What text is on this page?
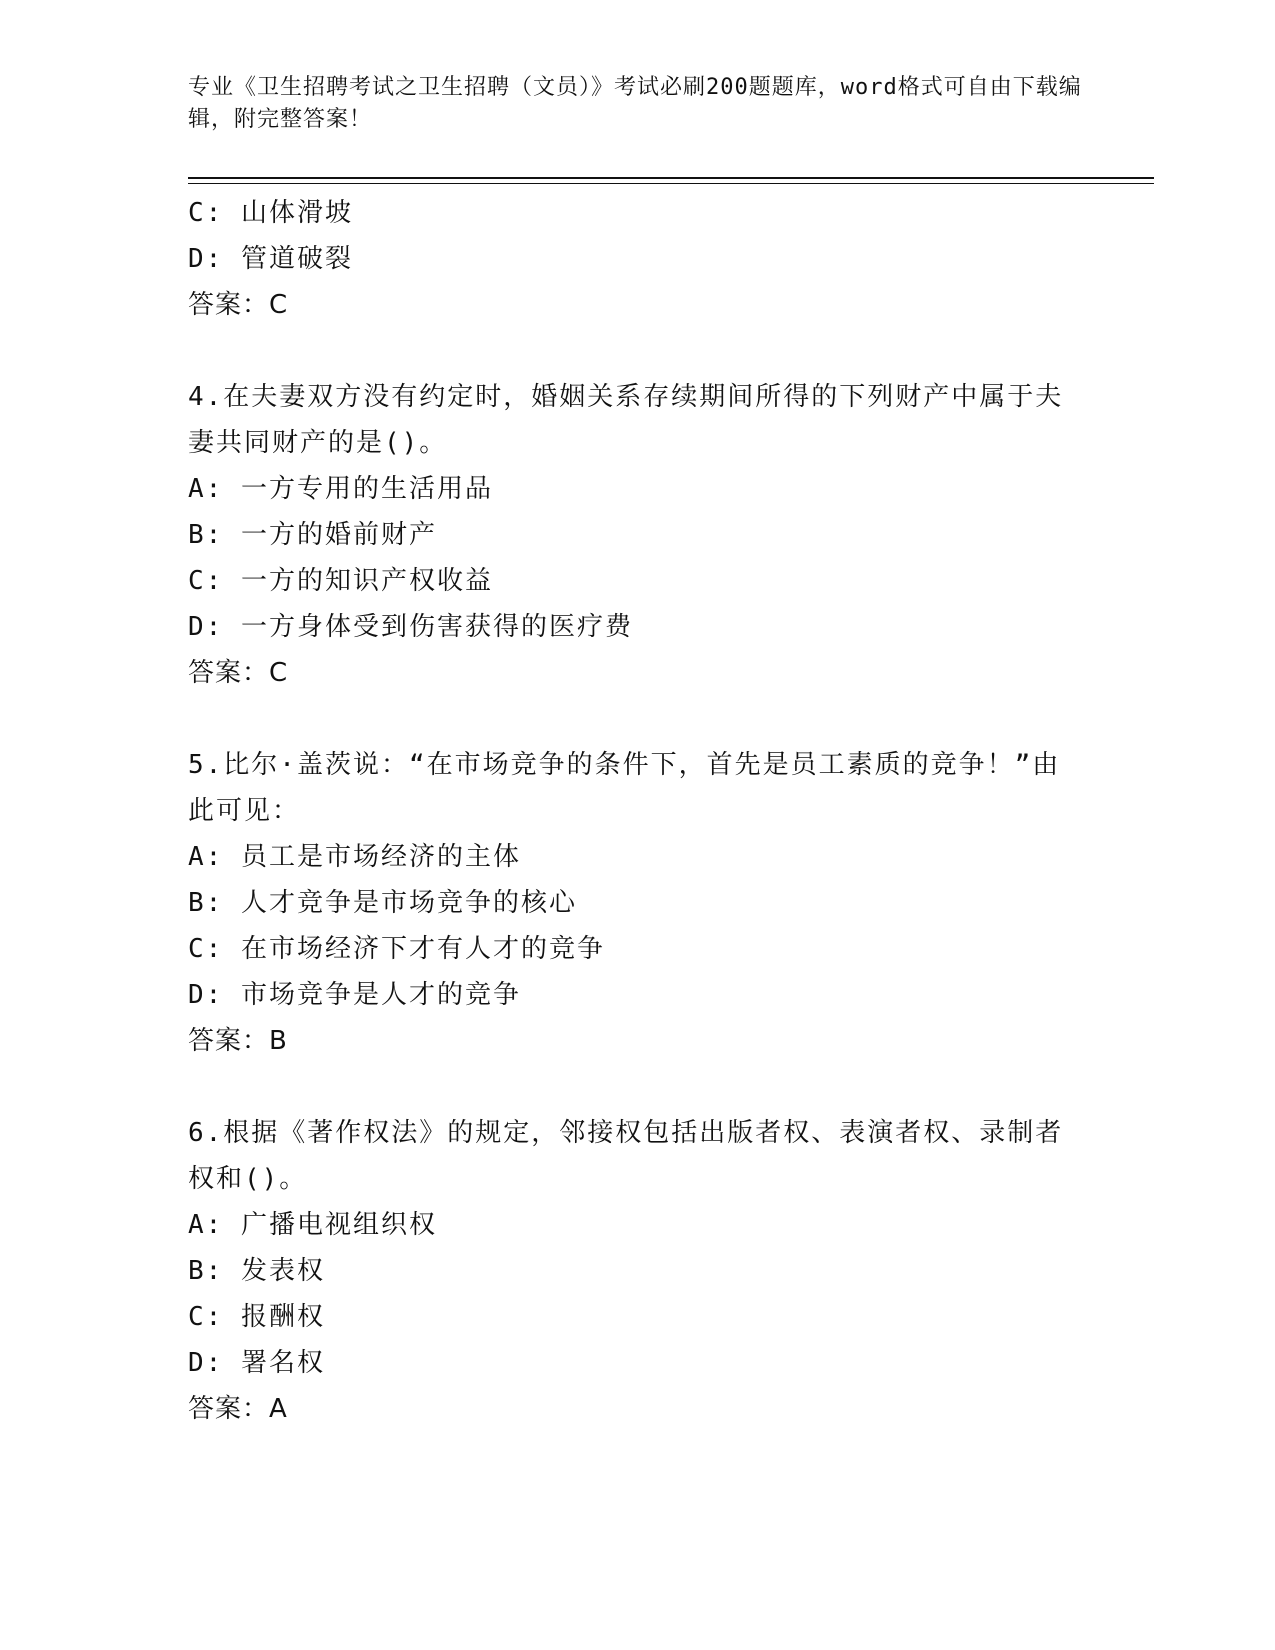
专业《卫生招聘考试之卫生招聘（文员）》考试必刷200题题库，word格式可自由下载编辑，附完整答案！
C: 山体滑坡
D: 管道破裂
答案：C
4.在夫妻双方没有约定时，婚姻关系存续期间所得的下列财产中属于夫妻共同财产的是()。
A: 一方专用的生活用品
B: 一方的婚前财产
C: 一方的知识产权收益
D: 一方身体受到伤害获得的医疗费
答案：C
5.比尔·盖茨说：“在市场竞争的条件下，首先是员工素质的竞争！”由此可见：
A: 员工是市场经济的主体
B: 人才竞争是市场竞争的核心
C: 在市场经济下才有人才的竞争
D: 市场竞争是人才的竞争
答案：B
6.根据《著作权法》的规定，邻接权包括出版者权、表演者权、录制者权和()。
A: 广播电视组织权
B: 发表权
C: 报酬权
D: 署名权
答案：A
